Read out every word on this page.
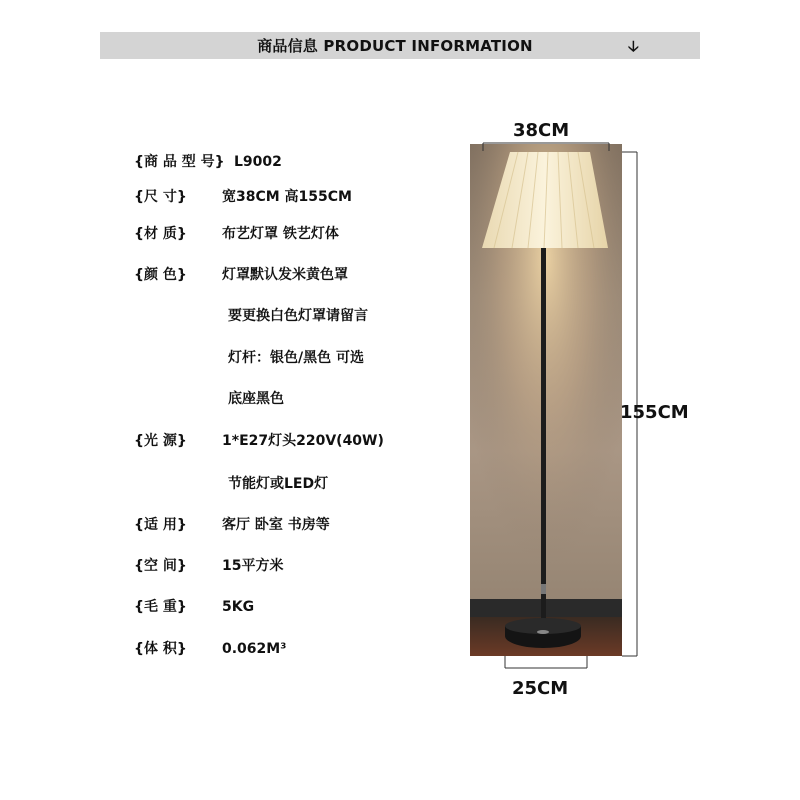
商品信息 PRODUCT INFORMATION	🡣
{商 品 型 号} L9002
{尺 寸}	宽38CM 高155CM
{材 质}	布艺灯罩 铁艺灯体
{颜 色}	灯罩默认发米黄色罩
要更换白色灯罩请留言
灯杆：银色/黑色 可选
底座黑色
{光 源}	1*E27灯头220V(40W)
节能灯或LED灯
{适 用}	客厅 卧室 书房等
{空 间}	15平方米
{毛 重}	5KG
{体 积}	0.062M³
38CM
155CM
25CM
